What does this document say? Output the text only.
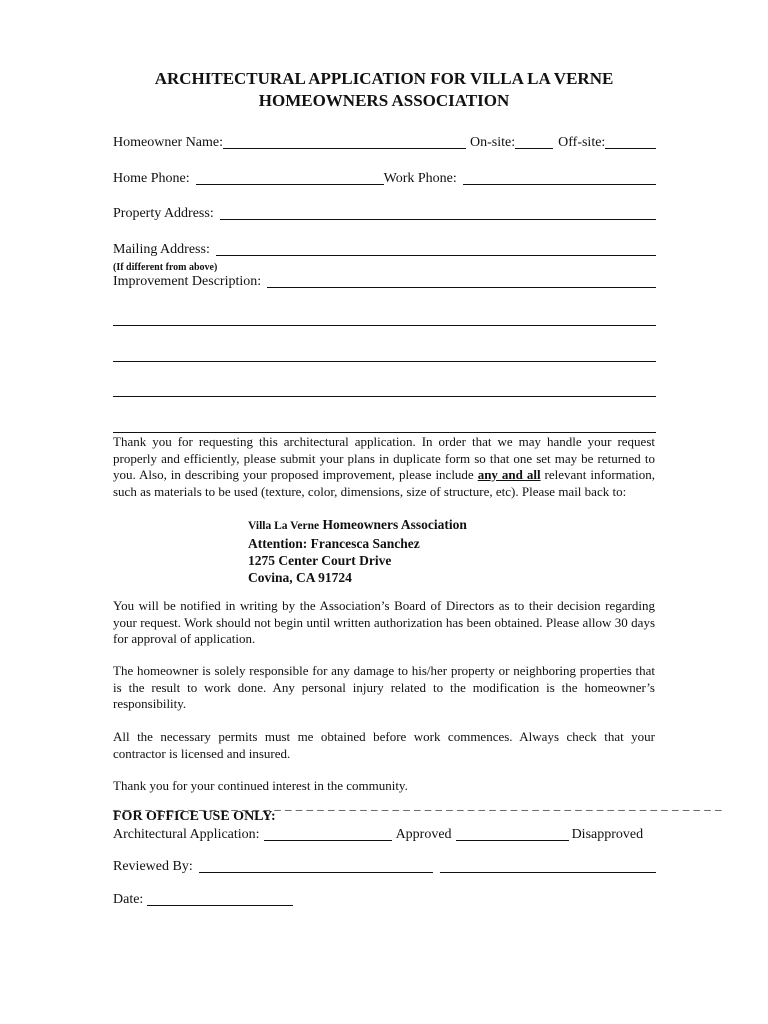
ARCHITECTURAL APPLICATION FOR VILLA LA VERNE
HOMEOWNERS ASSOCIATION
Homeowner Name:	On-site:	Off-site:
Home Phone:	Work Phone:
Property Address:
Mailing Address:
(If different from above)
Improvement Description:
Thank you for requesting this architectural application. In order that we may handle your request properly and efficiently, please submit your plans in duplicate form so that one set may be returned to you. Also, in describing your proposed improvement, please include any and all relevant information, such as materials to be used (texture, color, dimensions, size of structure, etc). Please mail back to:
Villa La Verne Homeowners Association
Attention: Francesca Sanchez
1275 Center Court Drive
Covina, CA 91724
You will be notified in writing by the Association’s Board of Directors as to their decision regarding your request. Work should not begin until written authorization has been obtained. Please allow 30 days for approval of application.
The homeowner is solely responsible for any damage to his/her property or neighboring properties that is the result to work done. Any personal injury related to the modification is the homeowner’s responsibility.
All the necessary permits must me obtained before work commences. Always check that your contractor is licensed and insured.
Thank you for your continued interest in the community.
_ _ _ _ _ _ _ _ _ _ _ _ _ _ _ _ _ _ _ _ _ _ _ _ _ _ _ _ _ _ _ _ _ _ _ _ _ _ _ _ _ _ _ _ _ _ _ _ _ _ _ _ _ _ _ _ _
FOR OFFICE USE ONLY:
Architectural Application:	Approved	Disapproved
Reviewed By:
Date:
